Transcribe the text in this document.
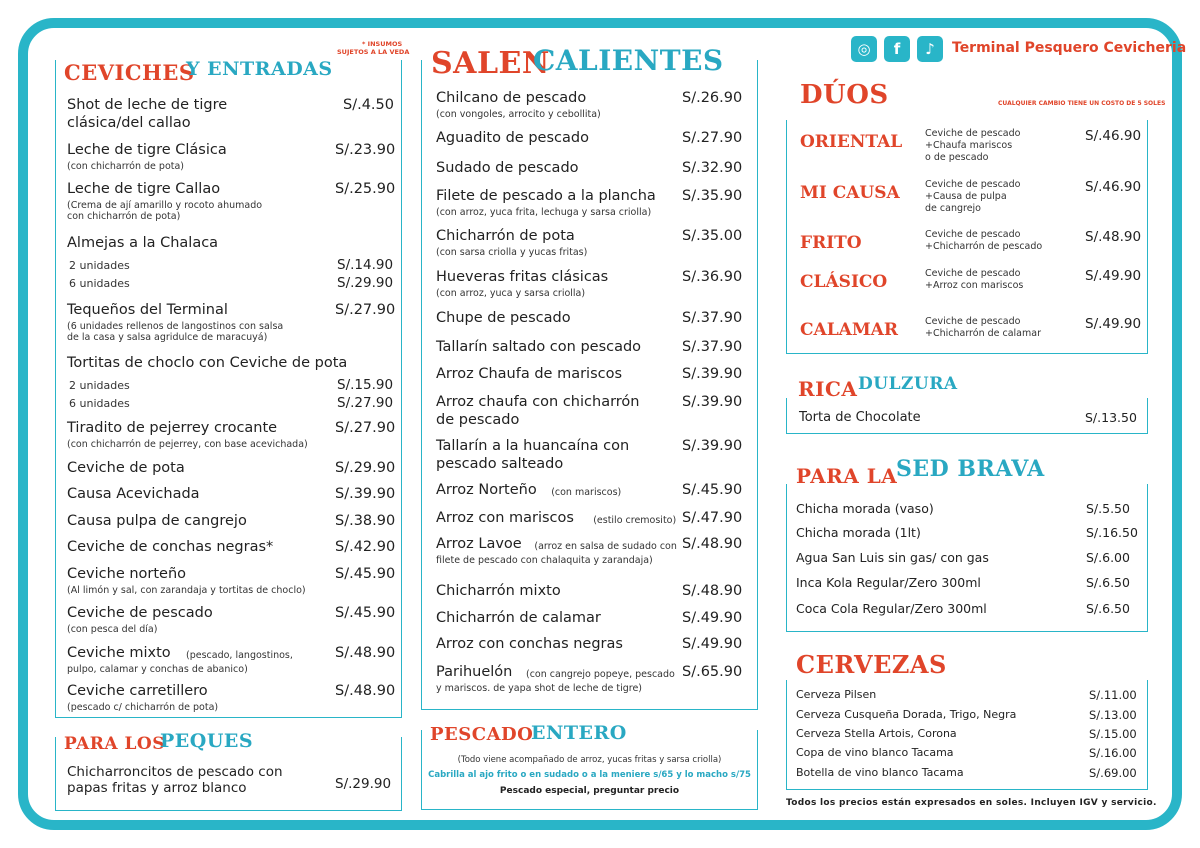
◎	f	♪	Terminal Pesquero Cevicheria
CEVICHES
Y ENTRADAS
* INSUMOS
SUJETOS A LA VEDA
Shot de leche de tigre
clásica/del callao
S/.4.50
Leche de tigre Clásica
(con chicharrón de pota)
S/.23.90
Leche de tigre Callao
(Crema de ají amarillo y rocoto ahumado
con chicharrón de pota)
S/.25.90
Almejas a la Chalaca
2 unidades	S/.14.90
6 unidades	S/.29.90
Tequeños del Terminal
(6 unidades rellenos de langostinos con salsa
de la casa y salsa agridulce de maracuyá)
S/.27.90
Tortitas de choclo con Ceviche de pota
2 unidades	S/.15.90
6 unidades	S/.27.90
Tiradito de pejerrey crocante
(con chicharrón de pejerrey, con base acevichada)
S/.27.90
Ceviche de pota	S/.29.90
Causa Acevichada	S/.39.90
Causa pulpa de cangrejo	S/.38.90
Ceviche de conchas negras*	S/.42.90
Ceviche norteño
(Al limón y sal, con zarandaja y tortitas de choclo)
S/.45.90
Ceviche de pescado
(con pesca del día)
S/.45.90
Ceviche mixto (pescado, langostinos,
pulpo, calamar y conchas de abanico)
S/.48.90
Ceviche carretillero
(pescado c/ chicharrón de pota)
S/.48.90
PARA LOS
PEQUES
Chicharroncitos de pescado con
papas fritas y arroz blanco	S/.29.90
SALEN
CALIENTES
Chilcano de pescado
(con vongoles, arrocito y cebollita)
S/.26.90
Aguadito de pescado	S/.27.90
Sudado de pescado	S/.32.90
Filete de pescado a la plancha
(con arroz, yuca frita, lechuga y sarsa criolla)
S/.35.90
Chicharrón de pota
(con sarsa criolla y yucas fritas)
S/.35.00
Hueveras fritas clásicas
(con arroz, yuca y sarsa criolla)
S/.36.90
Chupe de pescado	S/.37.90
Tallarín saltado con pescado	S/.37.90
Arroz Chaufa de mariscos	S/.39.90
Arroz chaufa con chicharrón
de pescado
S/.39.90
Tallarín a la huancaína con
pescado salteado
S/.39.90
Arroz Norteño (con mariscos)	S/.45.90
Arroz con mariscos (estilo cremosito) S/.47.90
Arroz Lavoe (arroz en salsa de sudado con
filete de pescado con chalaquita y zarandaja)
S/.48.90
Chicharrón mixto	S/.48.90
Chicharrón de calamar	S/.49.90
Arroz con conchas negras	S/.49.90
Parihuelón (con cangrejo popeye, pescado
y mariscos. de yapa shot de leche de tigre)
S/.65.90
PESCADO
ENTERO
(Todo viene acompañado de arroz, yucas fritas y sarsa criolla)
Cabrilla al ajo frito o en sudado o a la meniere s/65 y lo macho s/75
Pescado especial, preguntar precio
DÚOS	CUALQUIER CAMBIO TIENE UN COSTO DE 5 SOLES
ORIENTAL Ceviche de pescado
+Chaufa mariscos
o de pescado
S/.46.90
MI CAUSA	Ceviche de pescado
+Causa de pulpa
de cangrejo
S/.46.90
FRITO	Ceviche de pescado
+Chicharrón de pescado
S/.48.90
CLÁSICO	Ceviche de pescado
+Arroz con mariscos
S/.49.90
CALAMAR	Ceviche de pescado
+Chicharrón de calamar
S/.49.90
RICA DULZURA
Torta de Chocolate	S/.13.50
PARA LA
SED BRAVA
Chicha morada (vaso)	S/.5.50
Chicha morada (1lt)	S/.16.50
Agua San Luis sin gas/ con gas	S/.6.00
Inca Kola Regular/Zero 300ml	S/.6.50
Coca Cola Regular/Zero 300ml	S/.6.50
CERVEZAS
Cerveza Pilsen	S/.11.00
Cerveza Cusqueña Dorada, Trigo, Negra	S/.13.00
Cerveza Stella Artois, Corona	S/.15.00
Copa de vino blanco Tacama	S/.16.00
Botella de vino blanco Tacama	S/.69.00
Todos los precios están expresados en soles. Incluyen IGV y servicio.
